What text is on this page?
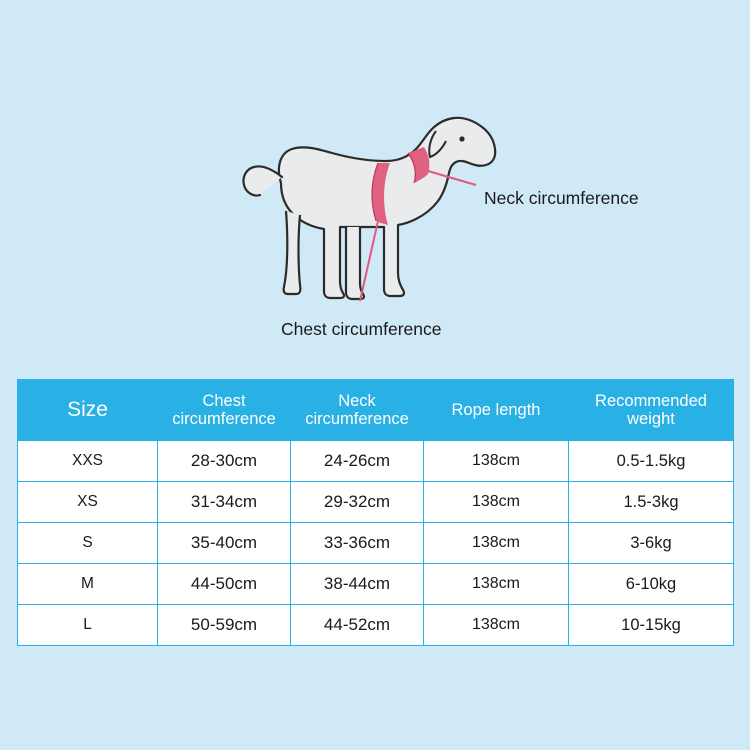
Neck circumference
Chest circumference
Size	Chest circumference	Neck circumference	Rope length	Recommended weight
XXS	28-30cm	24-26cm	138cm	0.5-1.5kg
XS	31-34cm	29-32cm	138cm	1.5-3kg
S	35-40cm	33-36cm	138cm	3-6kg
M	44-50cm	38-44cm	138cm	6-10kg
L	50-59cm	44-52cm	138cm	10-15kg
